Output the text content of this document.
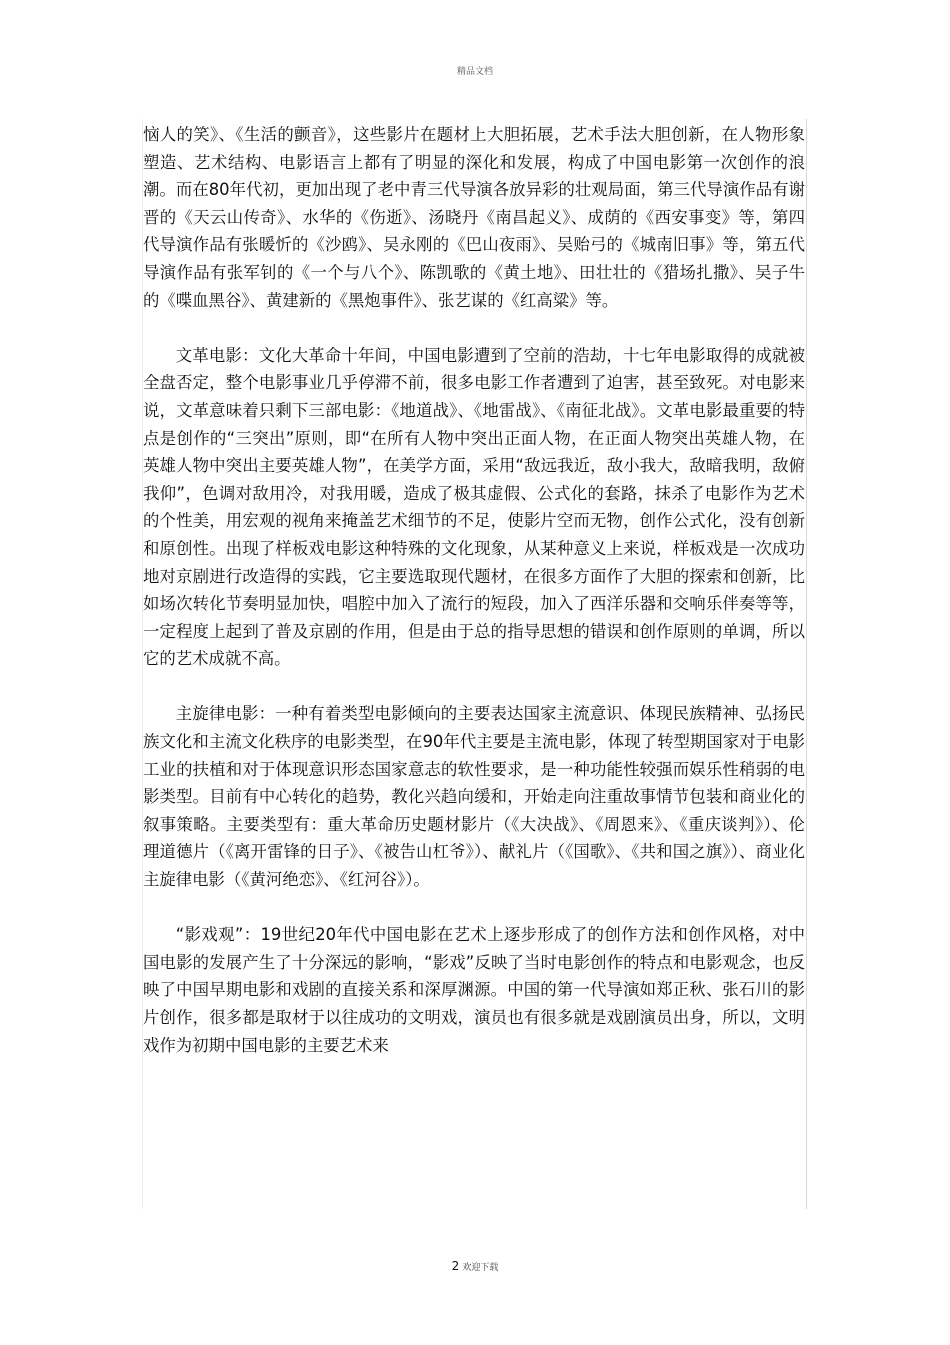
精品文档

恼人的笑》、《生活的颤音》，这些影片在题材上大胆拓展，艺术手法大胆创新，在人物形象塑造、艺术结构、电影语言上都有了明显的深化和发展，构成了中国电影第一次创作的浪潮。而在80年代初，更加出现了老中青三代导演各放异彩的壮观局面，第三代导演作品有谢晋的《天云山传奇》、水华的《伤逝》、汤晓丹《南昌起义》、成荫的《西安事变》等，第四代导演作品有张暖忻的《沙鸥》、吴永刚的《巴山夜雨》、吴贻弓的《城南旧事》等，第五代导演作品有张军钊的《一个与八个》、陈凯歌的《黄土地》、田壮壮的《猎场扎撒》、吴子牛的《喋血黑谷》、黄建新的《黑炮事件》、张艺谋的《红高粱》等。

文革电影：文化大革命十年间，中国电影遭到了空前的浩劫，十七年电影取得的成就被全盘否定，整个电影事业几乎停滞不前，很多电影工作者遭到了迫害，甚至致死。对电影来说，文革意味着只剩下三部电影：《地道战》、《地雷战》、《南征北战》。文革电影最重要的特点是创作的“三突出”原则，即“在所有人物中突出正面人物，在正面人物突出英雄人物，在英雄人物中突出主要英雄人物”，在美学方面，采用“敌远我近，敌小我大，敌暗我明，敌俯我仰”，色调对敌用冷，对我用暖，造成了极其虚假、公式化的套路，抹杀了电影作为艺术的个性美，用宏观的视角来掩盖艺术细节的不足，使影片空而无物，创作公式化，没有创新和原创性。出现了样板戏电影这种特殊的文化现象，从某种意义上来说，样板戏是一次成功地对京剧进行改造得的实践，它主要选取现代题材，在很多方面作了大胆的探索和创新，比如场次转化节奏明显加快，唱腔中加入了流行的短段，加入了西洋乐器和交响乐伴奏等等，一定程度上起到了普及京剧的作用，但是由于总的指导思想的错误和创作原则的单调，所以它的艺术成就不高。

主旋律电影：一种有着类型电影倾向的主要表达国家主流意识、体现民族精神、弘扬民族文化和主流文化秩序的电影类型，在90年代主要是主流电影，体现了转型期国家对于电影工业的扶植和对于体现意识形态国家意志的软性要求，是一种功能性较强而娱乐性稍弱的电影类型。目前有中心转化的趋势，教化兴趋向缓和，开始走向注重故事情节包装和商业化的叙事策略。主要类型有：重大革命历史题材影片（《大决战》、《周恩来》、《重庆谈判》）、伦理道德片（《离开雷锋的日子》、《被告山杠爷》）、献礼片（《国歌》、《共和国之旗》）、商业化主旋律电影（《黄河绝恋》、《红河谷》）。

“影戏观”：19世纪20年代中国电影在艺术上逐步形成了的创作方法和创作风格，对中国电影的发展产生了十分深远的影响，“影戏”反映了当时电影创作的特点和电影观念，也反映了中国早期电影和戏剧的直接关系和深厚渊源。中国的第一代导演如郑正秋、张石川的影片创作，很多都是取材于以往成功的文明戏，演员也有很多就是戏剧演员出身，所以，文明戏作为初期中国电影的主要艺术来

2 欢迎下载
